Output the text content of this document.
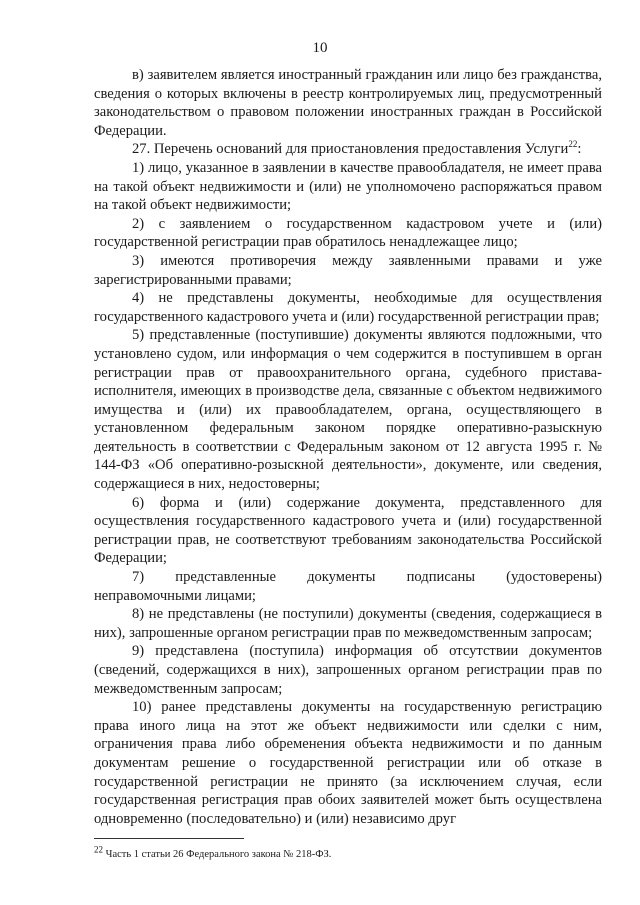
10

в) заявителем является иностранный гражданин или лицо без гражданства, сведения о которых включены в реестр контролируемых лиц, предусмотренный законодательством о правовом положении иностранных граждан в Российской Федерации.

27. Перечень оснований для приостановления предоставления Услуги$^{22}$:

1) лицо, указанное в заявлении в качестве правообладателя, не имеет права на такой объект недвижимости и (или) не уполномочено распоряжаться правом на такой объект недвижимости;

2) с заявлением о государственном кадастровом учете и (или) государственной регистрации прав обратилось ненадлежащее лицо;

3) имеются противоречия между заявленными правами и уже зарегистрированными правами;

4) не представлены документы, необходимые для осуществления государственного кадастрового учета и (или) государственной регистрации прав;

5) представленные (поступившие) документы являются подложными, что установлено судом, или информация о чем содержится в поступившем в орган регистрации прав от правоохранительного органа, судебного пристава-исполнителя, имеющих в производстве дела, связанные с объектом недвижимого имущества и (или) их правообладателем, органа, осуществляющего в установленном федеральным законом порядке оперативно-разыскную деятельность в соответствии с Федеральным законом от 12 августа 1995 г. № 144-ФЗ «Об оперативно-розыскной деятельности», документе, или сведения, содержащиеся в них, недостоверны;

6) форма и (или) содержание документа, представленного для осуществления государственного кадастрового учета и (или) государственной регистрации прав, не соответствуют требованиям законодательства Российской Федерации;

7) представленные документы подписаны (удостоверены) неправомочными лицами;

8) не представлены (не поступили) документы (сведения, содержащиеся в них), запрошенные органом регистрации прав по межведомственным запросам;

9) представлена (поступила) информация об отсутствии документов (сведений, содержащихся в них), запрошенных органом регистрации прав по межведомственным запросам;

10) ранее представлены документы на государственную регистрацию права иного лица на этот же объект недвижимости или сделки с ним, ограничения права либо обременения объекта недвижимости и по данным документам решение о государственной регистрации или об отказе в государственной регистрации не принято (за исключением случая, если государственная регистрация прав обоих заявителей может быть осуществлена одновременно (последовательно) и (или) независимо друг

$^{22}$ Часть 1 статьи 26 Федерального закона № 218-ФЗ.
